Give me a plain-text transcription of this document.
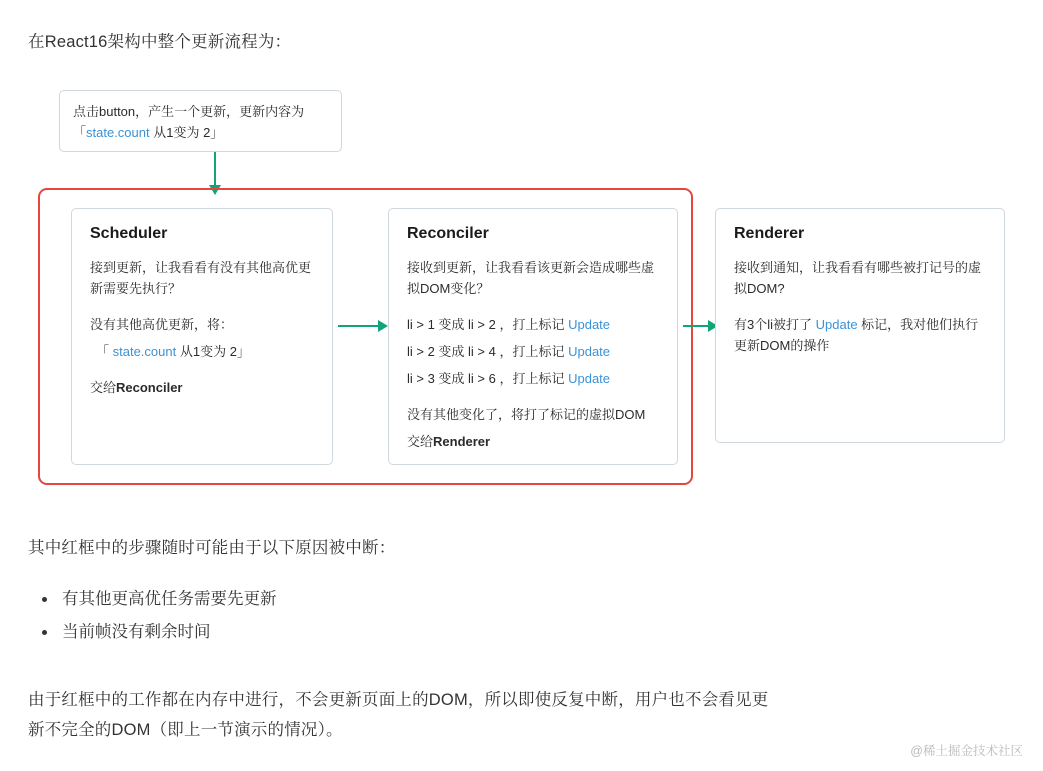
在React16架构中整个更新流程为：
点击button，产生一个更新，更新内容为
「state.count 从1变为 2」
Scheduler

接到更新，让我看看有没有其他高优更新需要先执行？

没有其他高优更新，将：

「 state.count 从1变为 2」

交给Reconciler

Reconciler

接收到更新，让我看看该更新会造成哪些虚拟DOM变化？

li > 1 变成 li > 2 ，打上标记 Update

li > 2 变成 li > 4 ，打上标记 Update

li > 3 变成 li > 6 ，打上标记 Update

没有其他变化了，将打了标记的虚拟DOM

交给Renderer

Renderer

接收到通知，让我看看有哪些被打记号的虚拟DOM?

有3个li被打了 Update 标记，我对他们执行更新DOM的操作

其中红框中的步骤随时可能由于以下原因被中断：
• 有其他更高优任务需要先更新
• 当前帧没有剩余时间
由于红框中的工作都在内存中进行，不会更新页面上的DOM，所以即使反复中断，用户也不会看见更
新不完全的DOM（即上一节演示的情况）。
@稀土掘金技术社区
